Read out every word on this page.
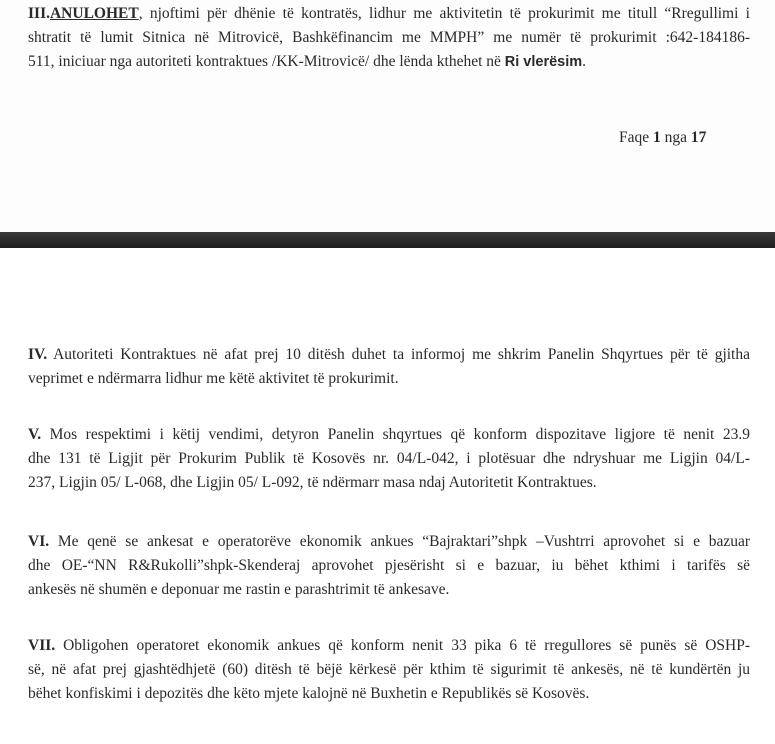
III.ANULOHET, njoftimi për dhënie të kontratës, lidhur me aktivitetin të prokurimit me titull “Rregullimi i
shtratit të lumit Sitnica në Mitrovicë, Bashkëfinancim me MMPH” me numër të prokurimit :642-184186-
511, iniciuar nga autoriteti kontraktues /KK-Mitrovicë/ dhe lënda kthehet në Ri vlerësim.

Faqe 1 nga 17

IV. Autoriteti Kontraktues në afat prej 10 ditësh duhet ta informoj me shkrim Panelin Shqyrtues për të gjitha
veprimet e ndërmarra lidhur me këtë aktivitet të prokurimit.

V. Mos respektimi i këtij vendimi, detyron Panelin shqyrtues që konform dispozitave ligjore të nenit 23.9
dhe 131 të Ligjit për Prokurim Publik të Kosovës nr. 04/L-042, i plotësuar dhe ndryshuar me Ligjin 04/L-
237, Ligjin 05/ L-068, dhe Ligjin 05/ L-092, të ndërmarr masa ndaj Autoritetit Kontraktues.

VI. Me qenë se ankesat e operatorëve ekonomik ankues “Bajraktari”shpk –Vushtrri aprovohet si e bazuar
dhe OE-“NN R&Rukolli”shpk-Skenderaj aprovohet pjesërisht si e bazuar, iu bëhet kthimi i tarifës së
ankesës në shumën e deponuar me rastin e parashtrimit të ankesave.

VII. Obligohen operatoret ekonomik ankues që konform nenit 33 pika 6 të rregullores së punës së OSHP-
së, në afat prej gjashtëdhjetë (60) ditësh të bëjë kërkesë për kthim të sigurimit të ankesës, në të kundërtën ju
bëhet konfiskimi i depozitës dhe këto mjete kalojnë në Buxhetin e Republikës së Kosovës.
